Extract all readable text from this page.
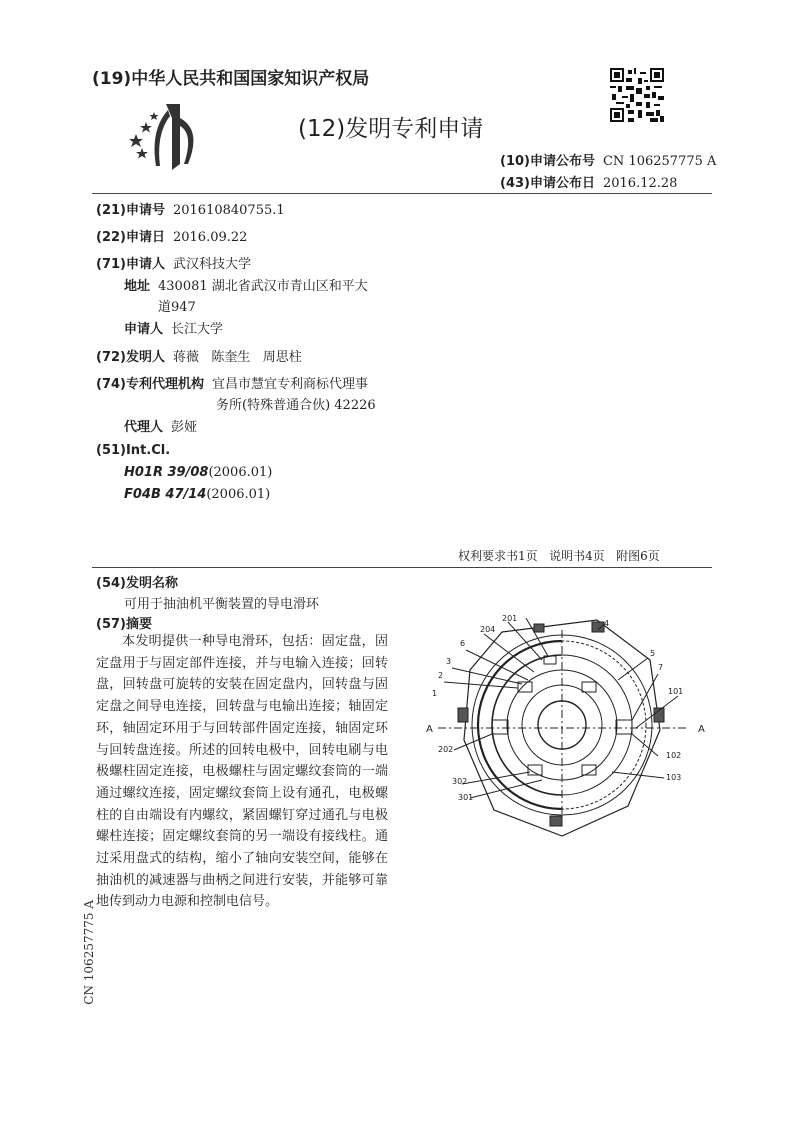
(19)中华人民共和国国家知识产权局
(12)发明专利申请
(10)申请公布号 CN 106257775 A
(43)申请公布日 2016.12.28
(21)申请号 201610840755.1
(22)申请日 2016.09.22
(71)申请人 武汉科技大学
地址 430081 湖北省武汉市青山区和平大
道947
申请人 长江大学
(72)发明人 蒋薇   陈奎生   周思柱
(74)专利代理机构 宜昌市慧宜专利商标代理事
务所(特殊普通合伙) 42226
代理人 彭娅
(51)Int.Cl.
H01R 39/08(2006.01)
F04B 47/14(2006.01)
权利要求书1页   说明书4页   附图6页
(54)发明名称
可用于抽油机平衡装置的导电滑环
(57)摘要
本发明提供一种导电滑环，包括：固定盘，固定盘用于与固定部件连接，并与电输入连接；回转盘，回转盘可旋转的安装在固定盘内，回转盘与固定盘之间导电连接，回转盘与电输出连接；轴固定环，轴固定环用于与回转部件固定连接，轴固定环与回转盘连接。所述的回转电极中，回转电刷与电极螺柱固定连接，电极螺柱与固定螺纹套筒的一端通过螺纹连接，固定螺纹套筒上设有通孔，电极螺柱的自由端设有内螺纹，紧固螺钉穿过通孔与电极螺柱连接；固定螺纹套筒的另一端设有接线柱。通过采用盘式的结构，缩小了轴向安装空间，能够在抽油机的减速器与曲柄之间进行安装，并能够可靠地传到动力电源和控制电信号。
CN 106257775 A
201
204
6
3
2
1
4
5
7
101
202
102
302
301
103
A	A
